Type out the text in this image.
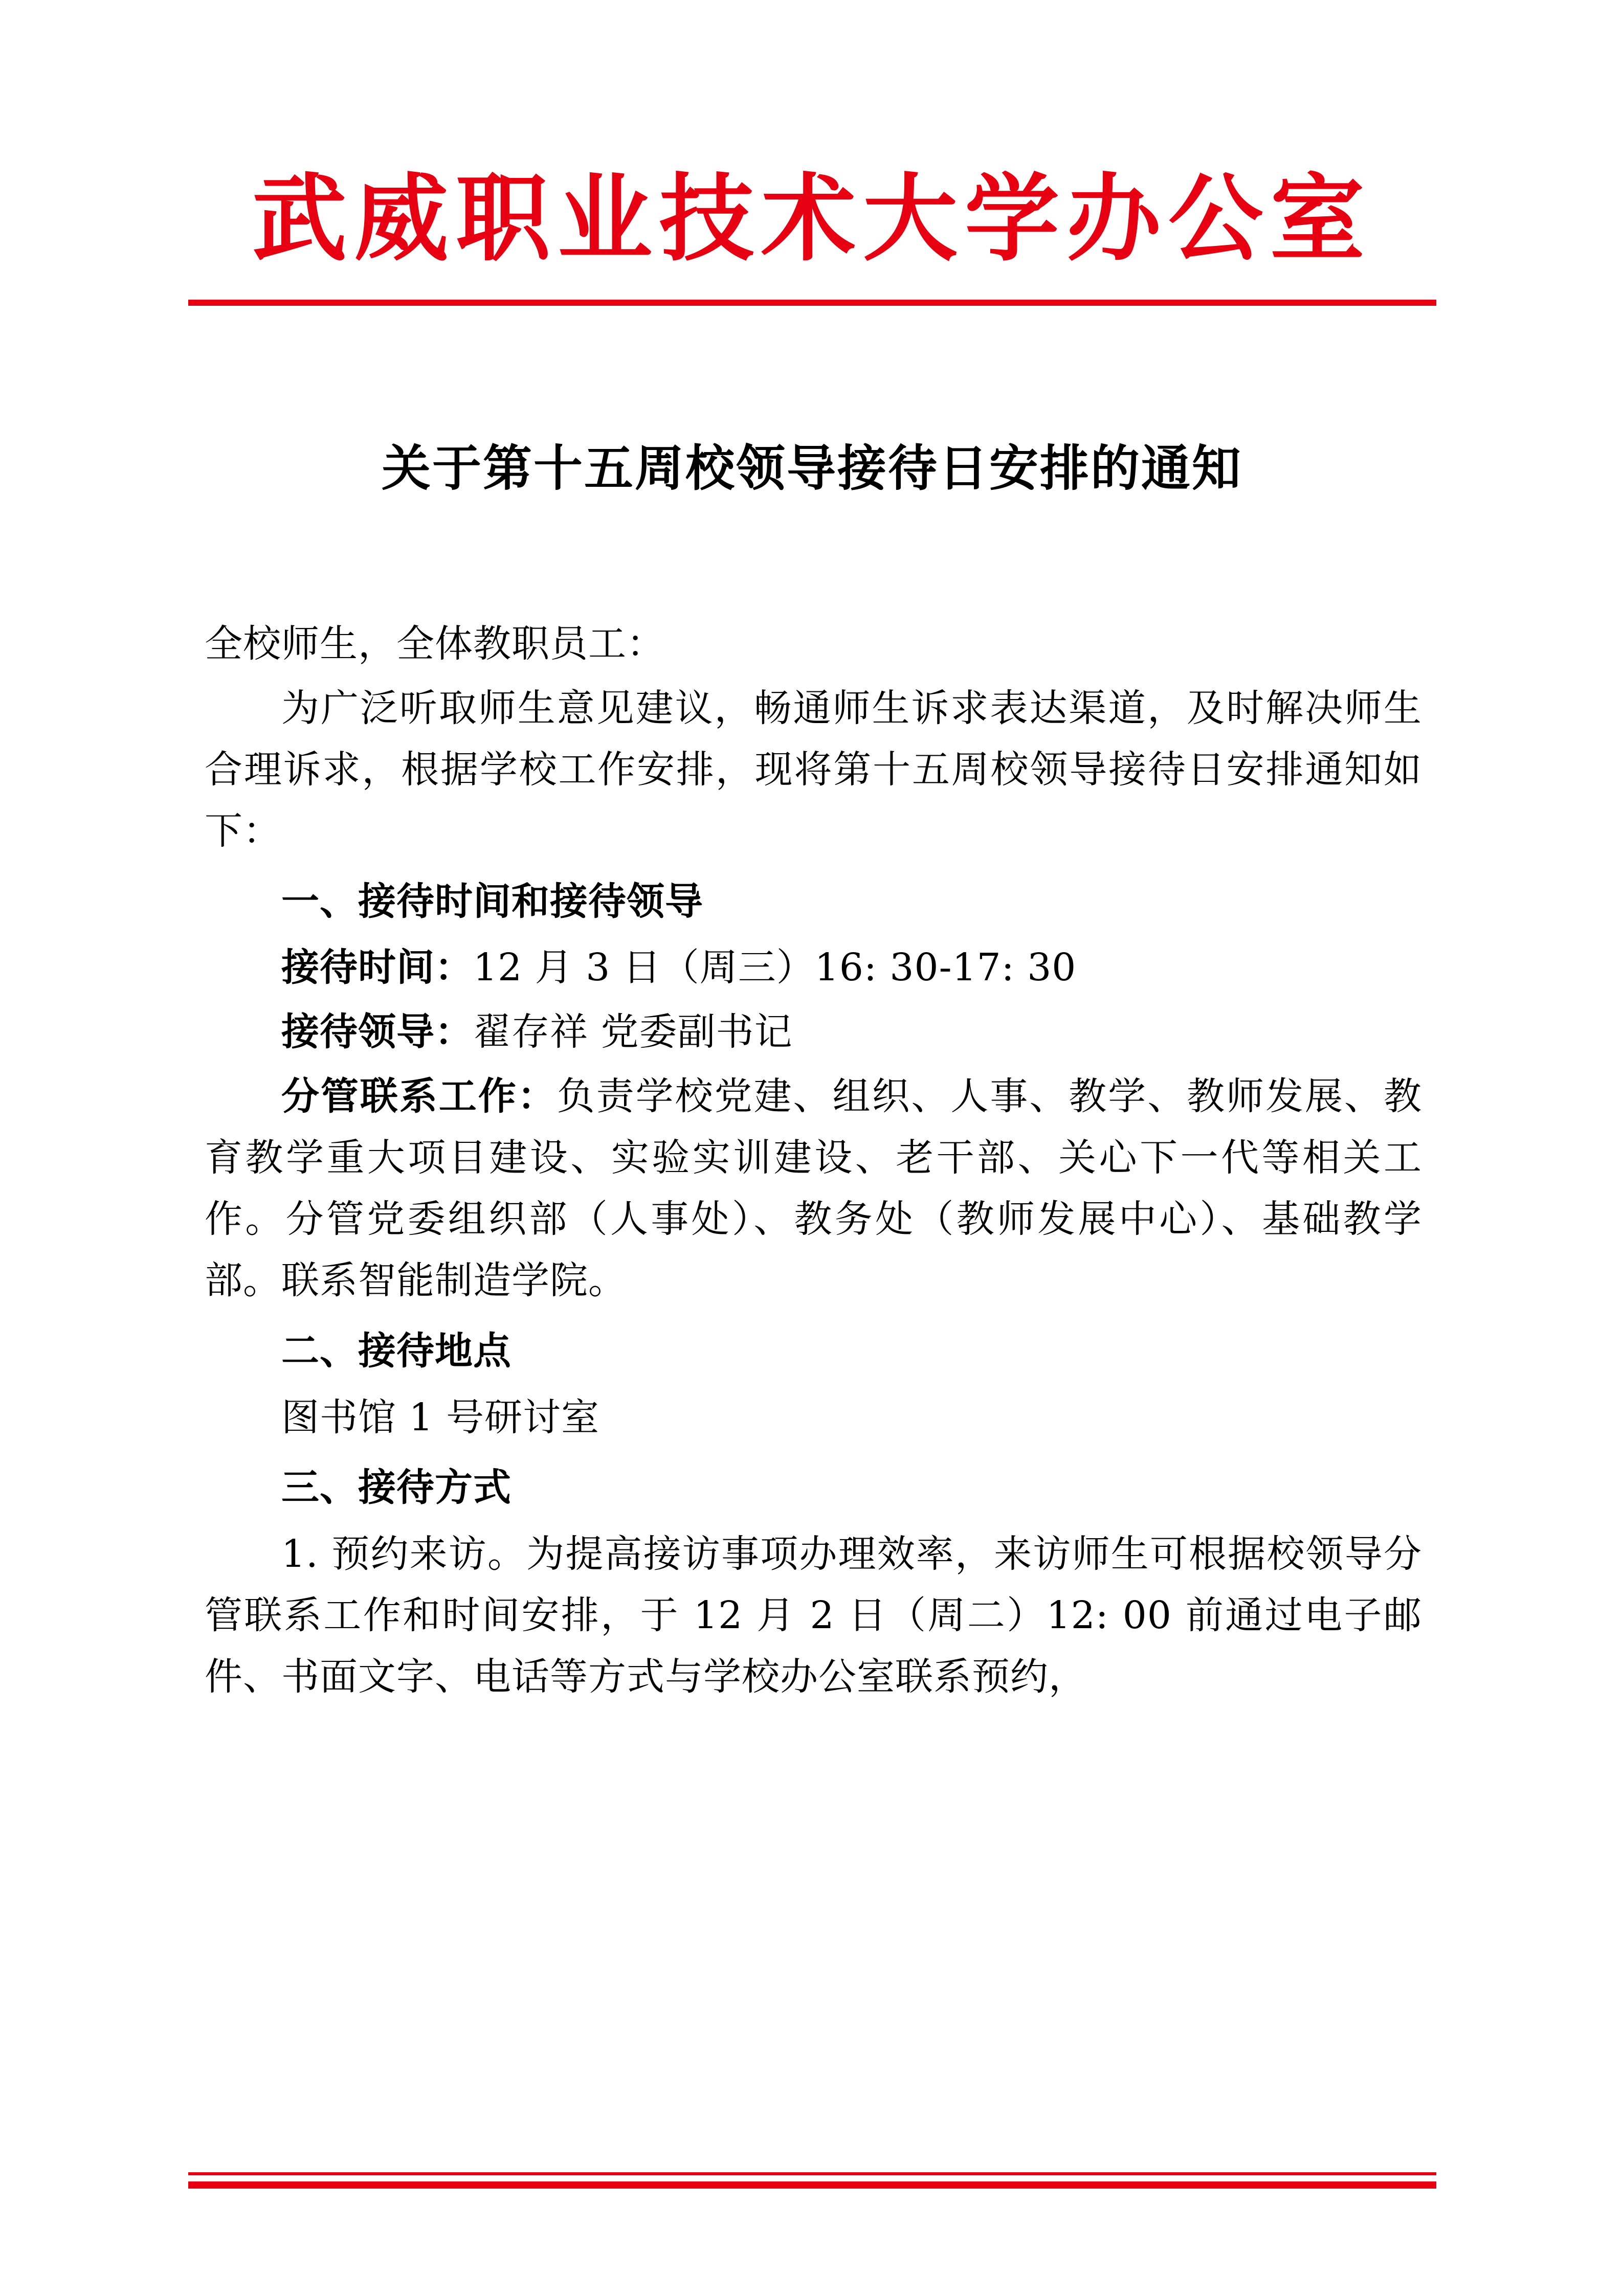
武威职业技术大学办公室
关于第十五周校领导接待日安排的通知

全校师生，全体教职员工：

为广泛听取师生意见建议，畅通师生诉求表达渠道，及时解决师生合理诉求，根据学校工作安排，现将第十五周校领导接待日安排通知如下：

一、接待时间和接待领导

接待时间：12 月 3 日（周三）16: 30-17: 30

接待领导：翟存祥 党委副书记

分管联系工作：负责学校党建、组织、人事、教学、教师发展、教育教学重大项目建设、实验实训建设、老干部、关心下一代等相关工作。分管党委组织部（人事处）、教务处（教师发展中心）、基础教学部。联系智能制造学院。

二、接待地点

图书馆 1 号研讨室

三、接待方式

1. 预约来访。为提高接访事项办理效率，来访师生可根据校领导分管联系工作和时间安排，于 12 月 2 日（周二）12: 00 前通过电子邮件、书面文字、电话等方式与学校办公室联系预约，
